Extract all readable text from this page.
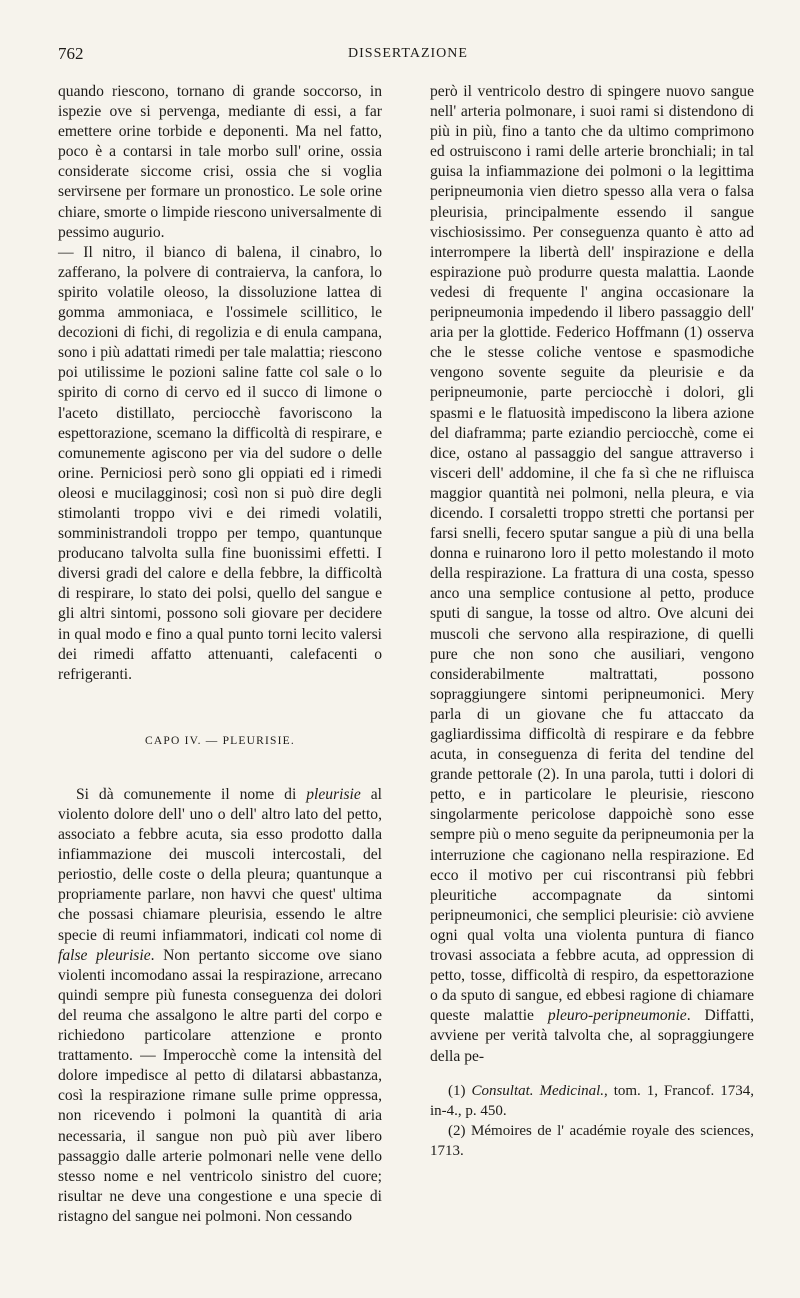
762	DISSERTAZIONE

quando riescono, tornano di grande soccorso, in ispezie ove si pervenga, mediante di essi, a far emettere orine torbide e deponenti. Ma nel fatto, poco è a contarsi in tale morbo sull' orine, ossia considerate siccome crisi, ossia che si voglia servirsene per formare un pronostico. Le sole orine chiare, smorte o limpide riescono universalmente di pessimo augurio.

— Il nitro, il bianco di balena, il cinabro, lo zafferano, la polvere di contraierva, la canfora, lo spirito volatile oleoso, la dissoluzione lattea di gomma ammoniaca, e l'ossimele scillitico, le decozioni di fichi, di regolizia e di enula campana, sono i più adattati rimedi per tale malattia; riescono poi utilissime le pozioni saline fatte col sale o lo spirito di corno di cervo ed il succo di limone o l'aceto distillato, perciocchè favoriscono la espettorazione, scemano la difficoltà di respirare, e comunemente agiscono per via del sudore o delle orine. Perniciosi però sono gli oppiati ed i rimedi oleosi e mucilagginosi; così non si può dire degli stimolanti troppo vivi e dei rimedi volatili, somministrandoli troppo per tempo, quantunque producano talvolta sulla fine buonissimi effetti. I diversi gradi del calore e della febbre, la difficoltà di respirare, lo stato dei polsi, quello del sangue e gli altri sintomi, possono soli giovare per decidere in qual modo e fino a qual punto torni lecito valersi dei rimedi affatto attenuanti, calefacenti o refrigeranti.

CAPO IV. — PLEURISIE.

Si dà comunemente il nome di pleurisie al violento dolore dell' uno o dell' altro lato del petto, associato a febbre acuta, sia esso prodotto dalla infiammazione dei muscoli intercostali, del periostio, delle coste o della pleura; quantunque a propriamente parlare, non havvi che quest' ultima che possasi chiamare pleurisia, essendo le altre specie di reumi infiammatori, indicati col nome di false pleurisie. Non pertanto siccome ove siano violenti incomodano assai la respirazione, arrecano quindi sempre più funesta conseguenza dei dolori del reuma che assalgono le altre parti del corpo e richiedono particolare attenzione e pronto trattamento. — Imperocchè come la intensità del dolore impedisce al petto di dilatarsi abbastanza, così la respirazione rimane sulle prime oppressa, non ricevendo i polmoni la quantità di aria necessaria, il sangue non può più aver libero passaggio dalle arterie polmonari nelle vene dello stesso nome e nel ventricolo sinistro del cuore; risultar ne deve una congestione e una specie di ristagno del sangue nei polmoni. Non cessando

però il ventricolo destro di spingere nuovo sangue nell' arteria polmonare, i suoi rami si distendono di più in più, fino a tanto che da ultimo comprimono ed ostruiscono i rami delle arterie bronchiali; in tal guisa la infiammazione dei polmoni o la legittima peripneumonia vien dietro spesso alla vera o falsa pleurisia, principalmente essendo il sangue vischiosissimo. Per conseguenza quanto è atto ad interrompere la libertà dell' inspirazione e della espirazione può produrre questa malattia. Laonde vedesi di frequente l' angina occasionare la peripneumonia impedendo il libero passaggio dell' aria per la glottide. Federico Hoffmann (1) osserva che le stesse coliche ventose e spasmodiche vengono sovente seguite da pleurisie e da peripneumonie, parte perciocchè i dolori, gli spasmi e le flatuosità impediscono la libera azione del diaframma; parte eziandio perciocchè, come ei dice, ostano al passaggio del sangue attraverso i visceri dell' addomine, il che fa sì che ne rifluisca maggior quantità nei polmoni, nella pleura, e via dicendo. I corsaletti troppo stretti che portansi per farsi snelli, fecero sputar sangue a più di una bella donna e ruinarono loro il petto molestando il moto della respirazione. La frattura di una costa, spesso anco una semplice contusione al petto, produce sputi di sangue, la tosse od altro. Ove alcuni dei muscoli che servono alla respirazione, di quelli pure che non sono che ausiliari, vengono considerabilmente maltrattati, possono sopraggiungere sintomi peripneumonici. Mery parla di un giovane che fu attaccato da gagliardissima difficoltà di respirare e da febbre acuta, in conseguenza di ferita del tendine del grande pettorale (2). In una parola, tutti i dolori di petto, e in particolare le pleurisie, riescono singolarmente pericolose dappoichè sono esse sempre più o meno seguite da peripneumonia per la interruzione che cagionano nella respirazione. Ed ecco il motivo per cui riscontransi più febbri pleuritiche accompagnate da sintomi peripneumonici, che semplici pleurisie: ciò avviene ogni qual volta una violenta puntura di fianco trovasi associata a febbre acuta, ad oppression di petto, tosse, difficoltà di respiro, da espettorazione o da sputo di sangue, ed ebbesi ragione di chiamare queste malattie pleuro-peripneumonie. Diffatti, avviene per verità talvolta che, al sopraggiungere della pe-

(1) Consultat. Medicinal., tom. 1, Francof. 1734, in-4., p. 450.

(2) Mémoires de l' académie royale des sciences, 1713.
